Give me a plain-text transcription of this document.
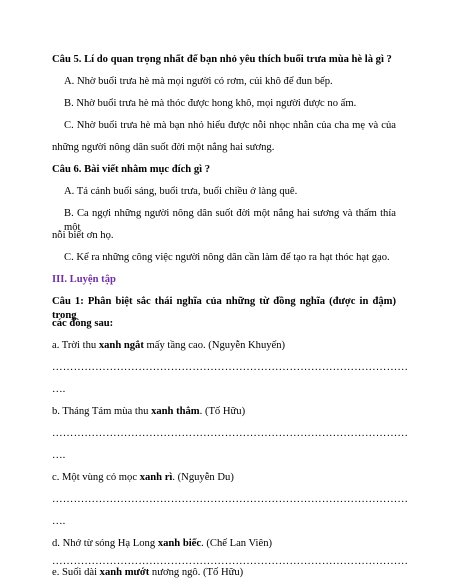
Câu 5. Lí do quan trọng nhất để bạn nhỏ yêu thích buổi trưa mùa hè là gì ?
A. Nhờ buổi trưa hè mà mọi người có rơm, củi khô để đun bếp.
B. Nhờ buổi trưa hè mà thóc được hong khô, mọi người được no ấm.
C. Nhờ buổi trưa hè mà bạn nhỏ hiểu được nỗi nhọc nhằn của cha mẹ và của
những người nông dân suốt đời một nắng hai sương.
Câu 6. Bài viết nhằm mục đích gì ?
A. Tả cảnh buổi sáng, buổi trưa, buổi chiều ở làng quê.
B. Ca ngợi những người nông dân suốt đời một nắng hai sương và thấm thía một
nỗi biết ơn họ.
C. Kể ra những công việc người nông dân cần làm để tạo ra hạt thóc hạt gạo.
III. Luyện tập
Câu 1: Phân biệt sắc thái nghĩa của những từ đồng nghĩa (được in đậm) trong
các dòng sau:
a. Trời thu xanh ngắt mấy tầng cao. (Nguyễn Khuyến)
………………………………………………………………………………………
….
b. Tháng Tám mùa thu xanh thẳm. (Tố Hữu)
………………………………………………………………………………………
….
c. Một vùng cỏ mọc xanh rì. (Nguyễn Du)
………………………………………………………………………………………
….
d. Nhớ từ sóng Hạ Long xanh biếc. (Chế Lan Viên)
………………………………………………………………………………………
e. Suối dài xanh mướt nương ngô. (Tố Hữu)
